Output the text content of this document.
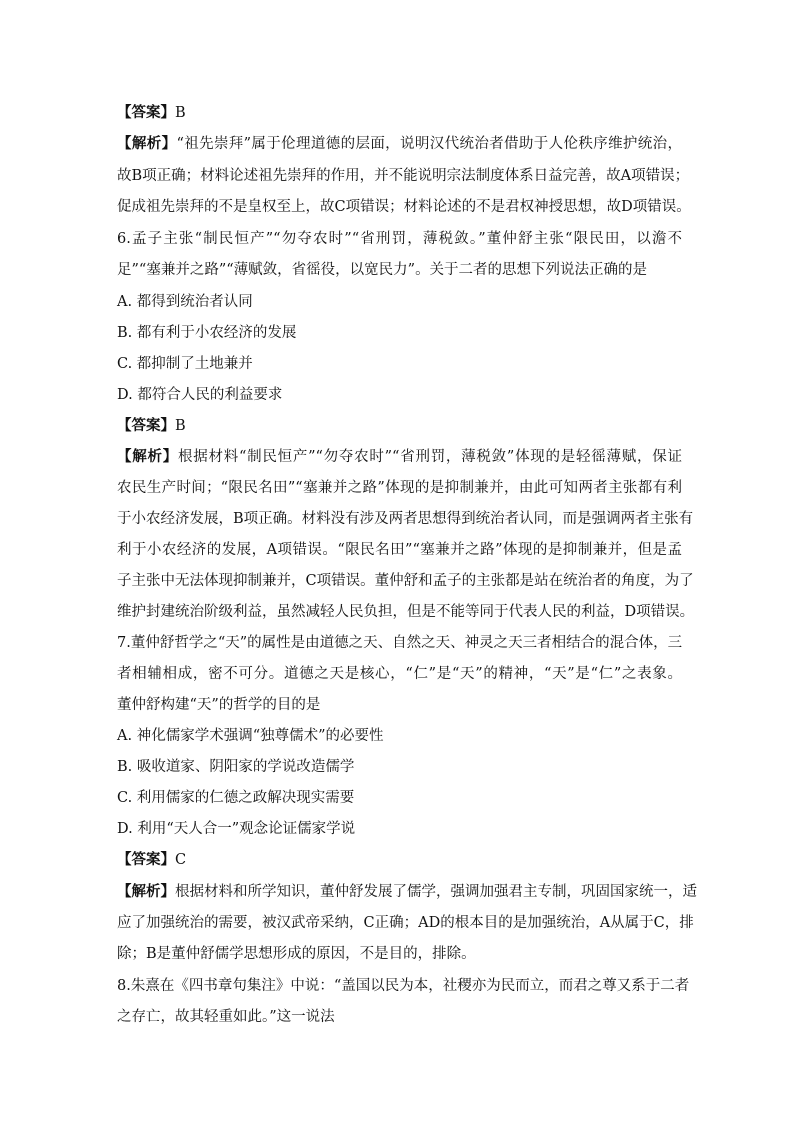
【答案】B
【解析】“祖先崇拜”属于伦理道德的层面，说明汉代统治者借助于人伦秩序维护统治，
故B项正确；材料论述祖先崇拜的作用，并不能说明宗法制度体系日益完善，故A项错误；
促成祖先崇拜的不是皇权至上，故C项错误；材料论述的不是君权神授思想，故D项错误。
6.孟子主张“制民恒产”“勿夺农时”“省刑罚，薄税敛。”董仲舒主张“限民田，以澹不
足”“塞兼并之路”“薄赋敛，省徭役，以宽民力”。关于二者的思想下列说法正确的是
A. 都得到统治者认同
B. 都有利于小农经济的发展
C. 都抑制了土地兼并
D. 都符合人民的利益要求
【答案】B
【解析】根据材料“制民恒产”“勿夺农时”“省刑罚，薄税敛”体现的是轻徭薄赋，保证
农民生产时间；“限民名田”“塞兼并之路”体现的是抑制兼并，由此可知两者主张都有利
于小农经济发展，B项正确。材料没有涉及两者思想得到统治者认同，而是强调两者主张有
利于小农经济的发展，A项错误。“限民名田”“塞兼并之路”体现的是抑制兼并，但是孟
子主张中无法体现抑制兼并，C项错误。董仲舒和孟子的主张都是站在统治者的角度，为了
维护封建统治阶级利益，虽然减轻人民负担，但是不能等同于代表人民的利益，D项错误。
7.董仲舒哲学之“天”的属性是由道德之天、自然之天、神灵之天三者相结合的混合体，三
者相辅相成，密不可分。道德之天是核心，“仁”是“天”的精神，“天”是“仁”之表象。
董仲舒构建“天”的哲学的目的是
A. 神化儒家学术强调“独尊儒术”的必要性
B. 吸收道家、阴阳家的学说改造儒学
C. 利用儒家的仁德之政解决现实需要
D. 利用“天人合一”观念论证儒家学说
【答案】C
【解析】根据材料和所学知识，董仲舒发展了儒学，强调加强君主专制，巩固国家统一，适
应了加强统治的需要，被汉武帝采纳，C正确；AD的根本目的是加强统治，A从属于C，排
除；B是董仲舒儒学思想形成的原因，不是目的，排除。
8.朱熹在《四书章句集注》中说：“盖国以民为本，社稷亦为民而立，而君之尊又系于二者
之存亡，故其轻重如此。”这一说法
